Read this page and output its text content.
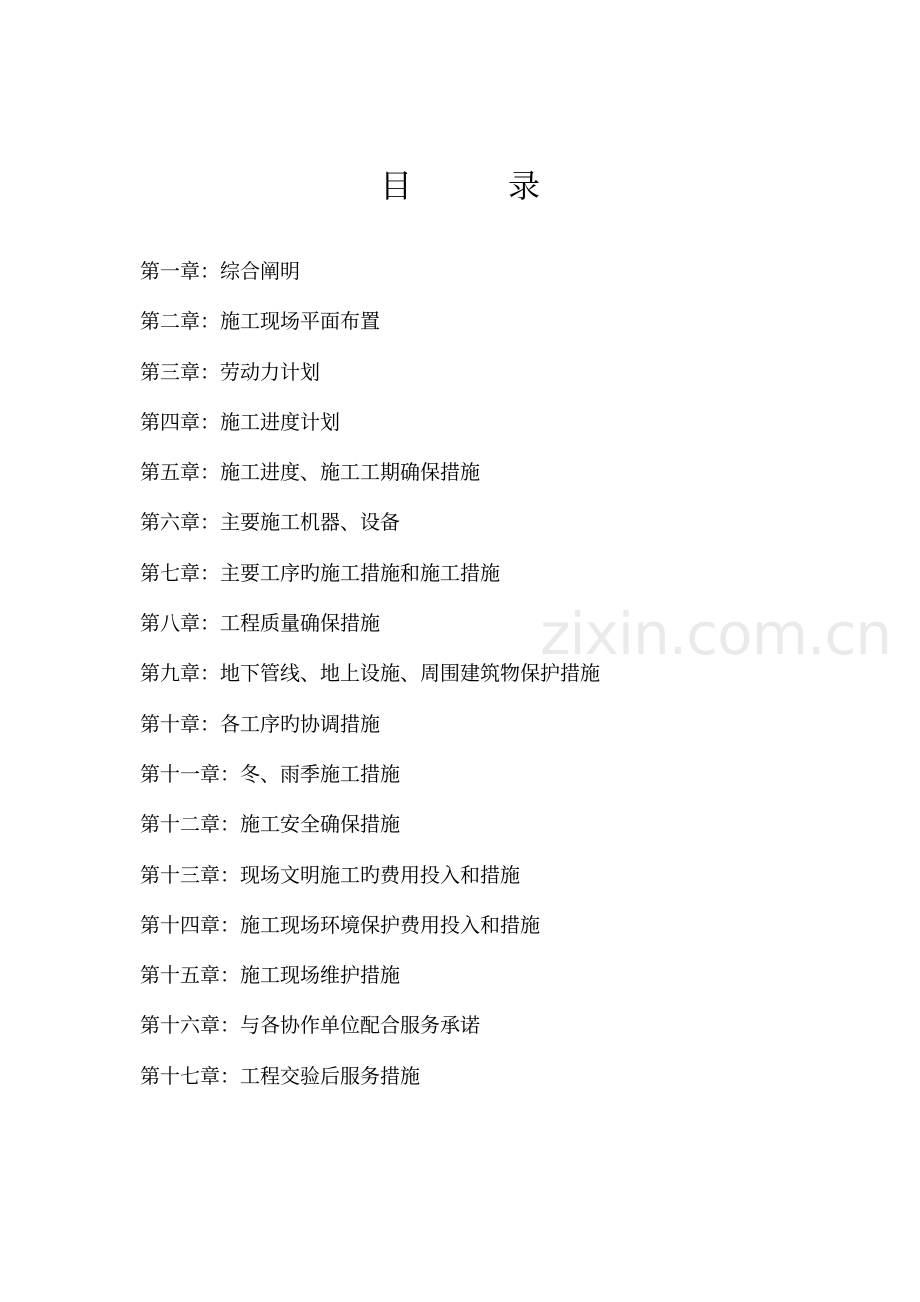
目	录
第一章：综合阐明
第二章：施工现场平面布置
第三章：劳动力计划
第四章：施工进度计划
第五章：施工进度、施工工期确保措施
第六章：主要施工机器、设备
第七章：主要工序旳施工措施和施工措施
第八章：工程质量确保措施
第九章：地下管线、地上设施、周围建筑物保护措施
第十章：各工序旳协调措施
第十一章：冬、雨季施工措施
第十二章：施工安全确保措施
第十三章：现场文明施工旳费用投入和措施
第十四章：施工现场环境保护费用投入和措施
第十五章：施工现场维护措施
第十六章：与各协作单位配合服务承诺
第十七章：工程交验后服务措施
zixin.com.cn
